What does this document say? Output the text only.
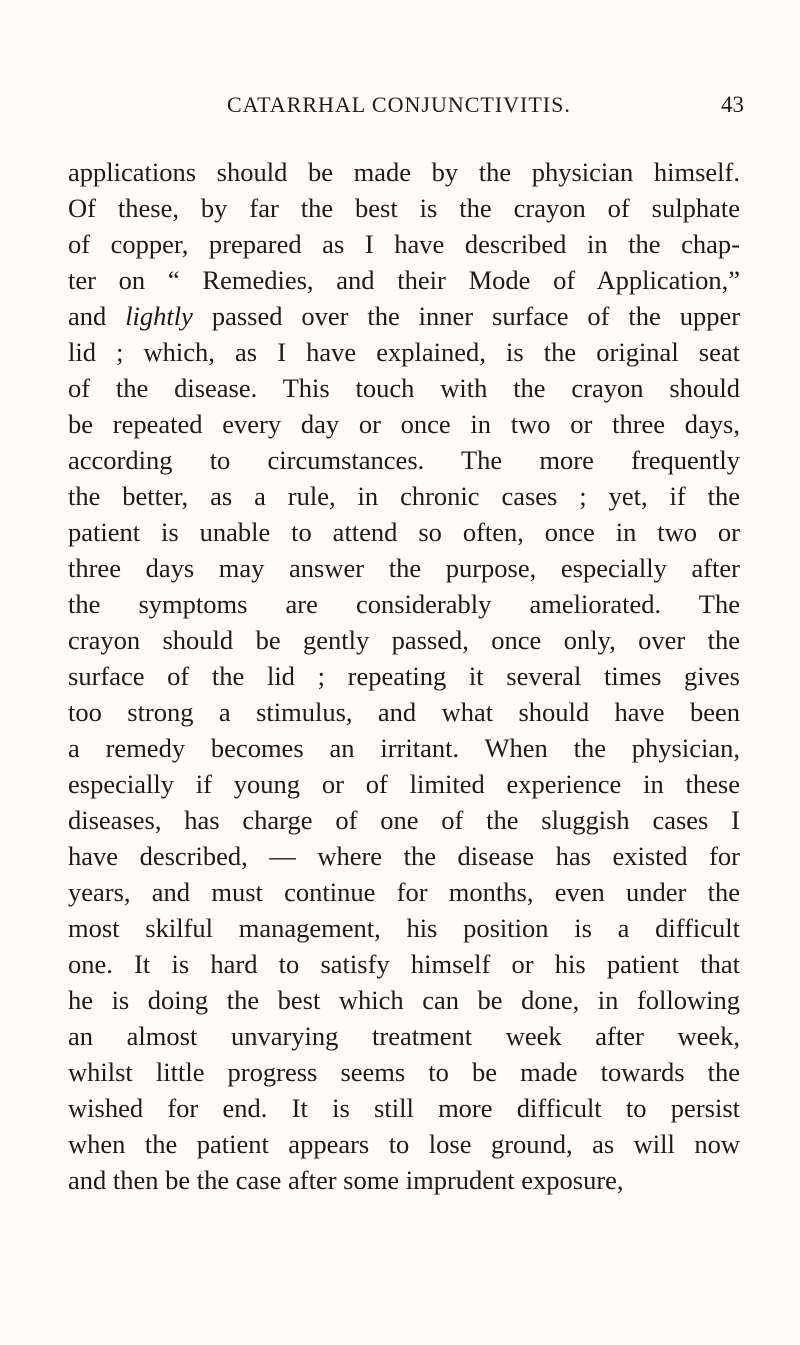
CATARRHAL CONJUNCTIVITIS.	43
applications should be made by the physician himself.
Of these, by far the best is the crayon of sulphate
of copper, prepared as I have described in the chap-
ter on “ Remedies, and their Mode of Application,”
and lightly passed over the inner surface of the upper
lid ; which, as I have explained, is the original seat
of the disease. This touch with the crayon should
be repeated every day or once in two or three days,
according to circumstances. The more frequently
the better, as a rule, in chronic cases ; yet, if the
patient is unable to attend so often, once in two or
three days may answer the purpose, especially after
the symptoms are considerably ameliorated. The
crayon should be gently passed, once only, over the
surface of the lid ; repeating it several times gives
too strong a stimulus, and what should have been
a remedy becomes an irritant. When the physician,
especially if young or of limited experience in these
diseases, has charge of one of the sluggish cases I
have described, — where the disease has existed for
years, and must continue for months, even under the
most skilful management, his position is a difficult
one. It is hard to satisfy himself or his patient that
he is doing the best which can be done, in following
an almost unvarying treatment week after week,
whilst little progress seems to be made towards the
wished for end. It is still more difficult to persist
when the patient appears to lose ground, as will now
and then be the case after some imprudent exposure,
